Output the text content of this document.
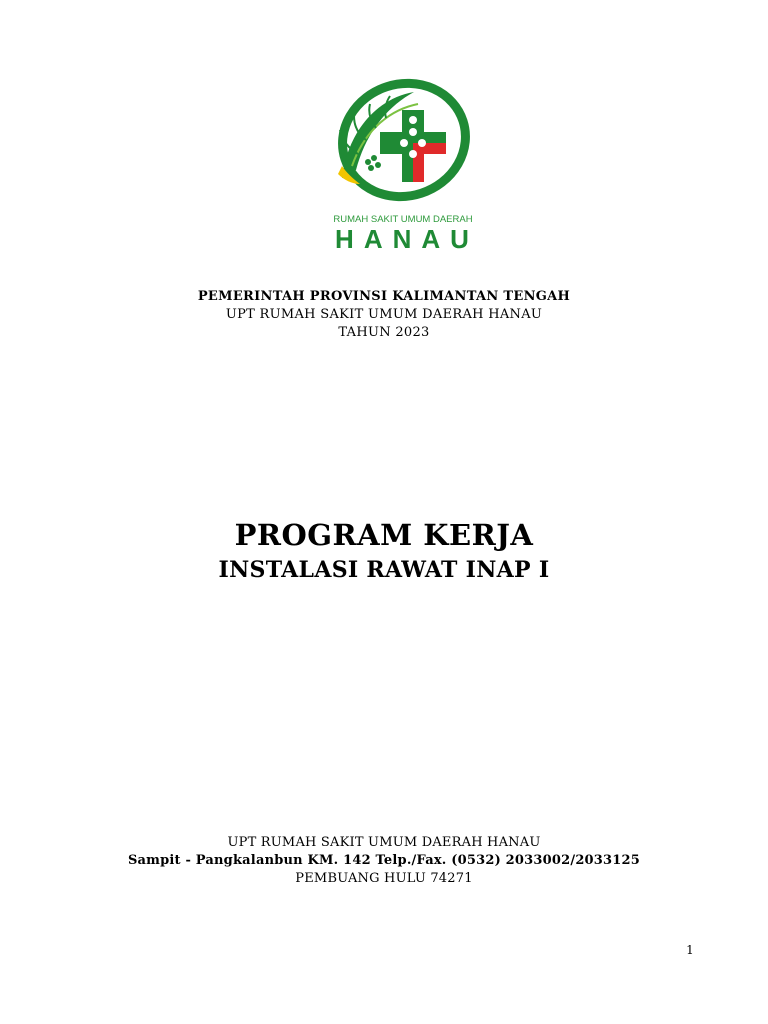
RUMAH SAKIT UMUM DAERAH
HANAU
PEMERINTAH PROVINSI KALIMANTAN TENGAH
UPT RUMAH SAKIT UMUM DAERAH HANAU
TAHUN 2023
PROGRAM KERJA
INSTALASI RAWAT INAP I
UPT RUMAH SAKIT UMUM DAERAH HANAU
Sampit - Pangkalanbun KM. 142 Telp./Fax. (0532) 2033002/2033125
PEMBUANG HULU 74271
1
